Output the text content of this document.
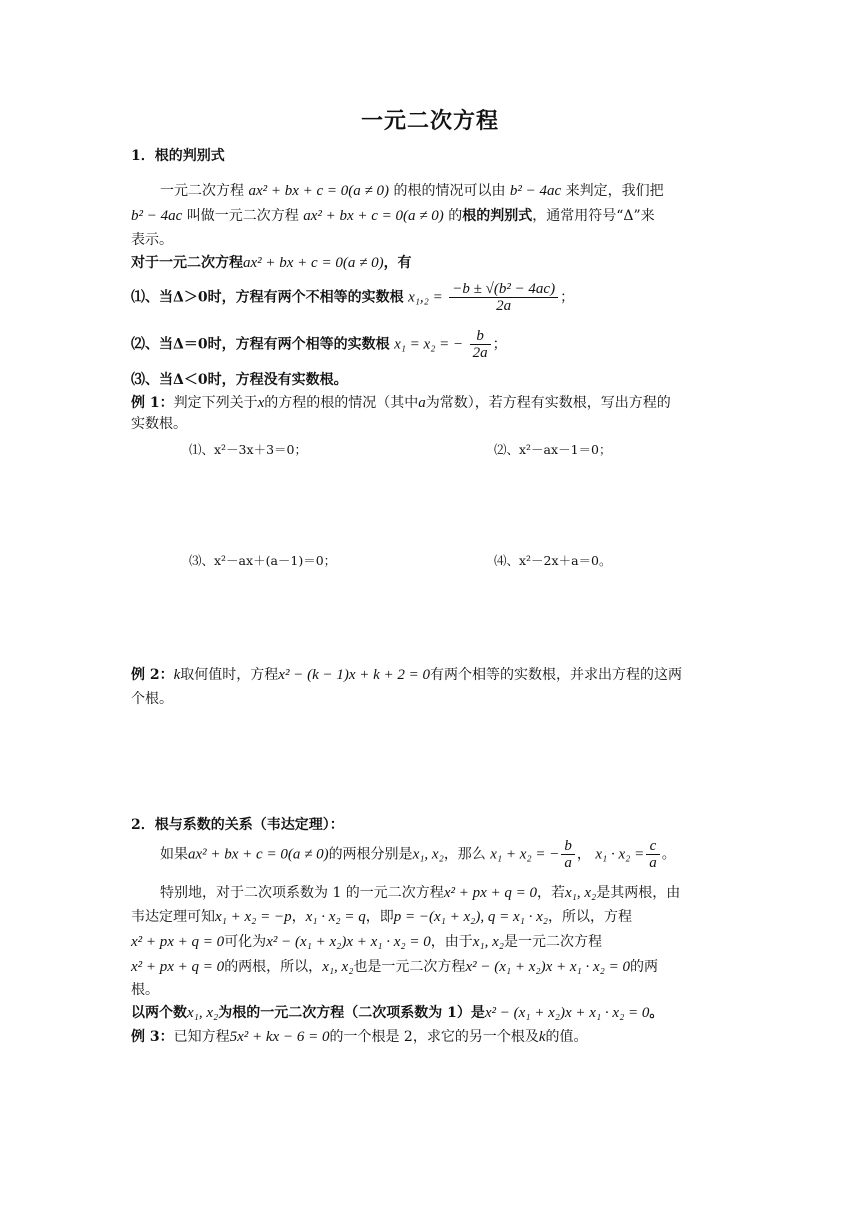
一元二次方程
1．根的判别式
一元二次方程 ax² + bx + c = 0(a ≠ 0) 的根的情况可以由 b² − 4ac 来判定，我们把
b² − 4ac 叫做一元二次方程 ax² + bx + c = 0(a ≠ 0) 的根的判别式，通常用符号“Δ”来
表示。
对于一元二次方程ax² + bx + c = 0(a ≠ 0)，有
⑴、当Δ＞0时，方程有两个不相等的实数根 $x_1,_2 = \frac{\text{−b ± √(b² − 4ac)}}{2a}$ ；
⑵、当Δ＝0时，方程有两个相等的实数根 x₁ = x₂ = − $\frac{b}{2a}$ ；
⑶、当Δ＜0时，方程没有实数根。
例 1：判定下列关于x的方程的根的情况（其中a为常数），若方程有实数根，写出方程的
实数根。
⑴、x²－3x＋3＝0；	⑵、x²－ax－1＝0；
⑶、x²－ax＋(a－1)＝0；	⑷、x²－2x＋a＝0。
例 2：k取何值时，方程x² − (k − 1)x + k + 2 = 0有两个相等的实数根，并求出方程的这两
个根。
2．根与系数的关系（韦达定理）：
如果ax² + bx + c = 0(a ≠ 0)的两根分别是x₁, x₂，那么 x₁ + x₂ = − $\frac{b}{a}$ ， $x_1 \cdot x_2 = \frac{c}{a}$ 。
特别地，对于二次项系数为 1 的一元二次方程x² + px + q = 0，若x₁, x₂是其两根，由
韦达定理可知x₁ + x₂ = −p，x₁ · x₂ = q，即p = −(x₁ + x₂), q = x₁ · x₂，所以，方程
x² + px + q = 0可化为x² − (x₁ + x₂)x + x₁ · x₂ = 0，由于x₁, x₂是一元二次方程
x² + px + q = 0的两根，所以，x₁, x₂也是一元二次方程x² − (x₁ + x₂)x + x₁ · x₂ = 0的两
根。
以两个数x₁, x₂为根的一元二次方程（二次项系数为 1）是x² − (x₁ + x₂)x + x₁ · x₂ = 0。
例 3：已知方程5x² + kx − 6 = 0的一个根是 2，求它的另一个根及k的值。
